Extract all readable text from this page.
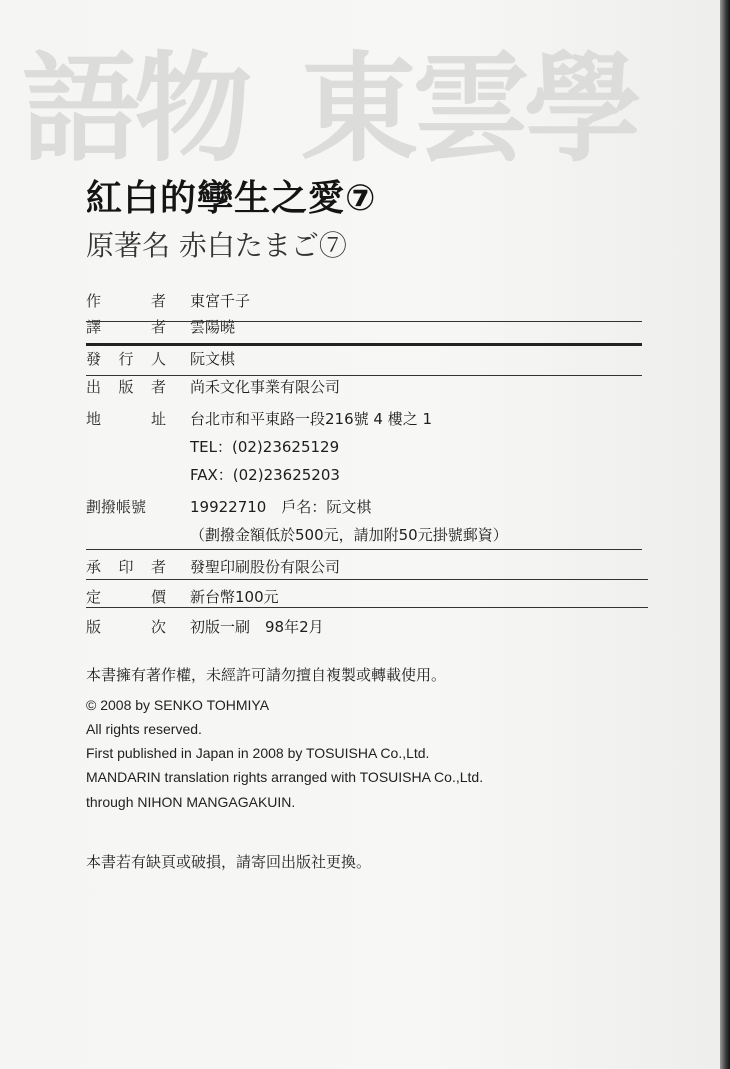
語物 東雲學
紅白的孿生之愛⑦
原著名 赤白たまご⑦
作	者 東宮千子
譯	者 雲陽曉
發 行 人 阮文棋
出 版 者 尚禾文化事業有限公司
地	址 台北市和平東路一段216號 4 樓之 1
TEL：(02)23625129
FAX：(02)23625203
劃撥帳號	19922710　戶名：阮文棋
（劃撥金額低於500元，請加附50元掛號郵資）
承 印 者 發聖印刷股份有限公司
定	價 新台幣100元
版	次 初版一刷　98年2月
本書擁有著作權，未經許可請勿擅自複製或轉載使用。
© 2008 by SENKO TOHMIYA
All rights reserved.
First published in Japan in 2008 by TOSUISHA Co.,Ltd.
MANDARIN translation rights arranged with TOSUISHA Co.,Ltd.
through NIHON MANGAGAKUIN.
本書若有缺頁或破損，請寄回出版社更換。
